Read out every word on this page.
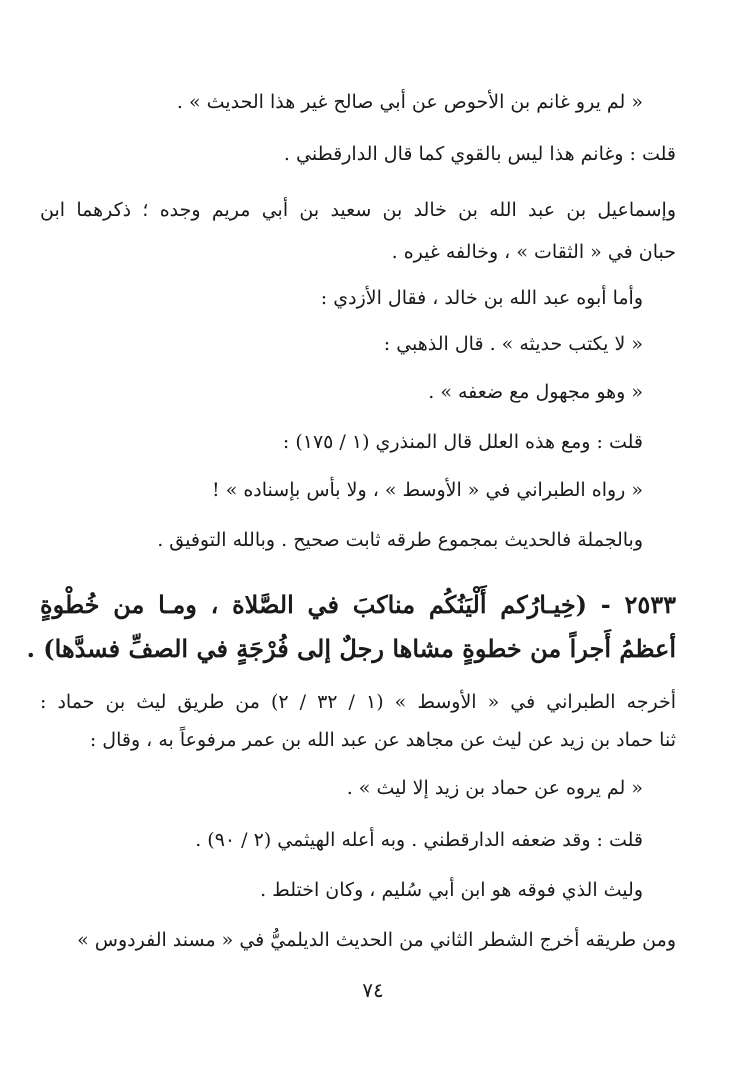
« لم يرو غانم بن الأحوص عن أبي صالح غير هذا الحديث » .
قلت : وغانم هذا ليس بالقوي كما قال الدارقطني .
وإسماعيل بن عبد الله بن خالد بن سعيد بن أبي مريم وجده ؛ ذكرهما ابن
حبان في « الثقات » ، وخالفه غيره .
وأما أبوه عبد الله بن خالد ، فقال الأزدي :
« لا يكتب حديثه » . قال الذهبي :
« وهو مجهول مع ضعفه » .
قلت : ومع هذه العلل قال المنذري (١ / ١٧٥) :
« رواه الطبراني في « الأوسط » ، ولا بأس بإسناده » !
وبالجملة فالحديث بمجموع طرقه ثابت صحيح . وبالله التوفيق .
٢٥٣٣ - (خِيـارُكم أَلْيَنُكُم مناكبَ في الصَّلاة ، ومـا من خُطْوةٍ
أعظمُ أَجراً من خطوةٍ مشاها رجلٌ إلى فُرْجَةٍ في الصفِّ فسدَّها) .
أخرجه الطبراني في « الأوسط » (١ / ٣٢ / ٢) من طريق ليث بن حماد :
ثنا حماد بن زيد عن ليث عن مجاهد عن عبد الله بن عمر مرفوعاً به ، وقال :
« لم يروه عن حماد بن زيد إلا ليث » .
قلت : وقد ضعفه الدارقطني . وبه أعله الهيثمي (٢ / ٩٠) .
وليث الذي فوقه هو ابن أبي سُليم ، وكان اختلط .
ومن طريقه أخرج الشطر الثاني من الحديث الديلميُّ في « مسند الفردوس »
٧٤
